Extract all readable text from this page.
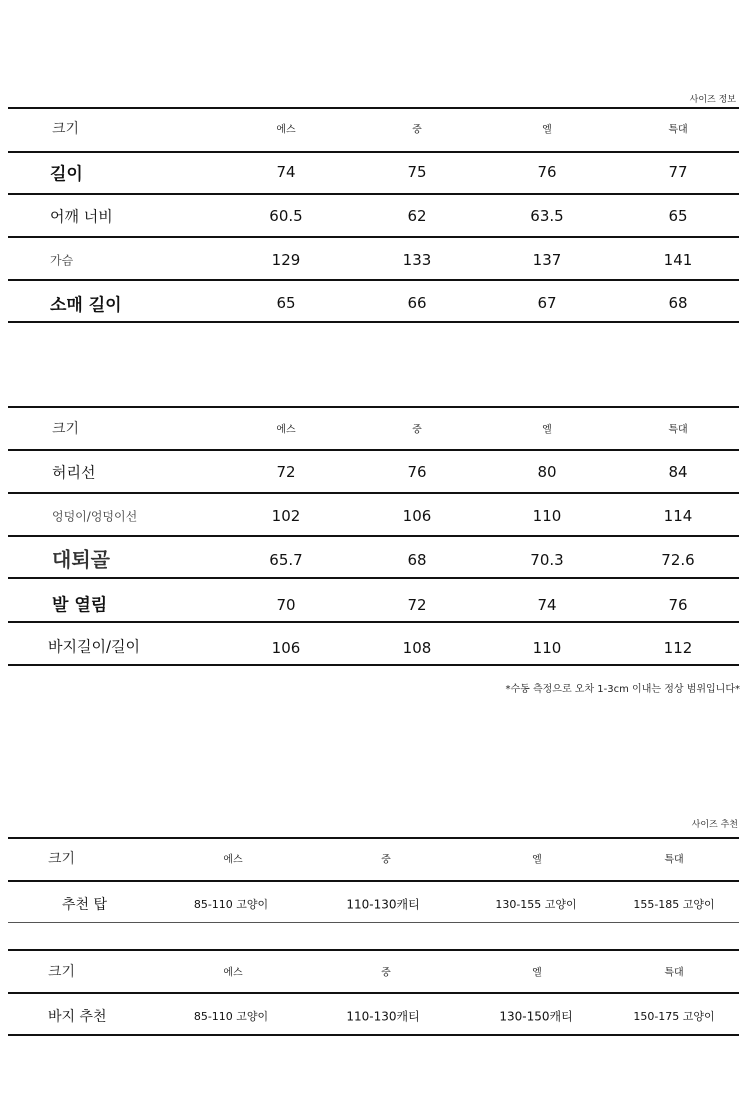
사이즈 정보
크기	에스	중	엘	특대
길이	74	75	76	77
어깨 너비	60.5	62	63.5	65
가슴	129	133	137	141
소매 길이	65	66	67	68
크기	에스	중	엘	특대
허리선	72	76	80	84
엉덩이/엉덩이선	102	106	110	114
대퇴골	65.7	68	70.3	72.6
발 열림	70	72	74	76
바지길이/길이	106	108	110	112
*수동 측정으로 오차 1-3cm 이내는 정상 범위입니다*
사이즈 추천
크기	에스	중	엘	특대
추천 탑	85-110 고양이	110-130캐티	130-155 고양이	155-185 고양이
크기	에스	중	엘	특대
바지 추천	85-110 고양이	110-130캐티	130-150캐티	150-175 고양이
